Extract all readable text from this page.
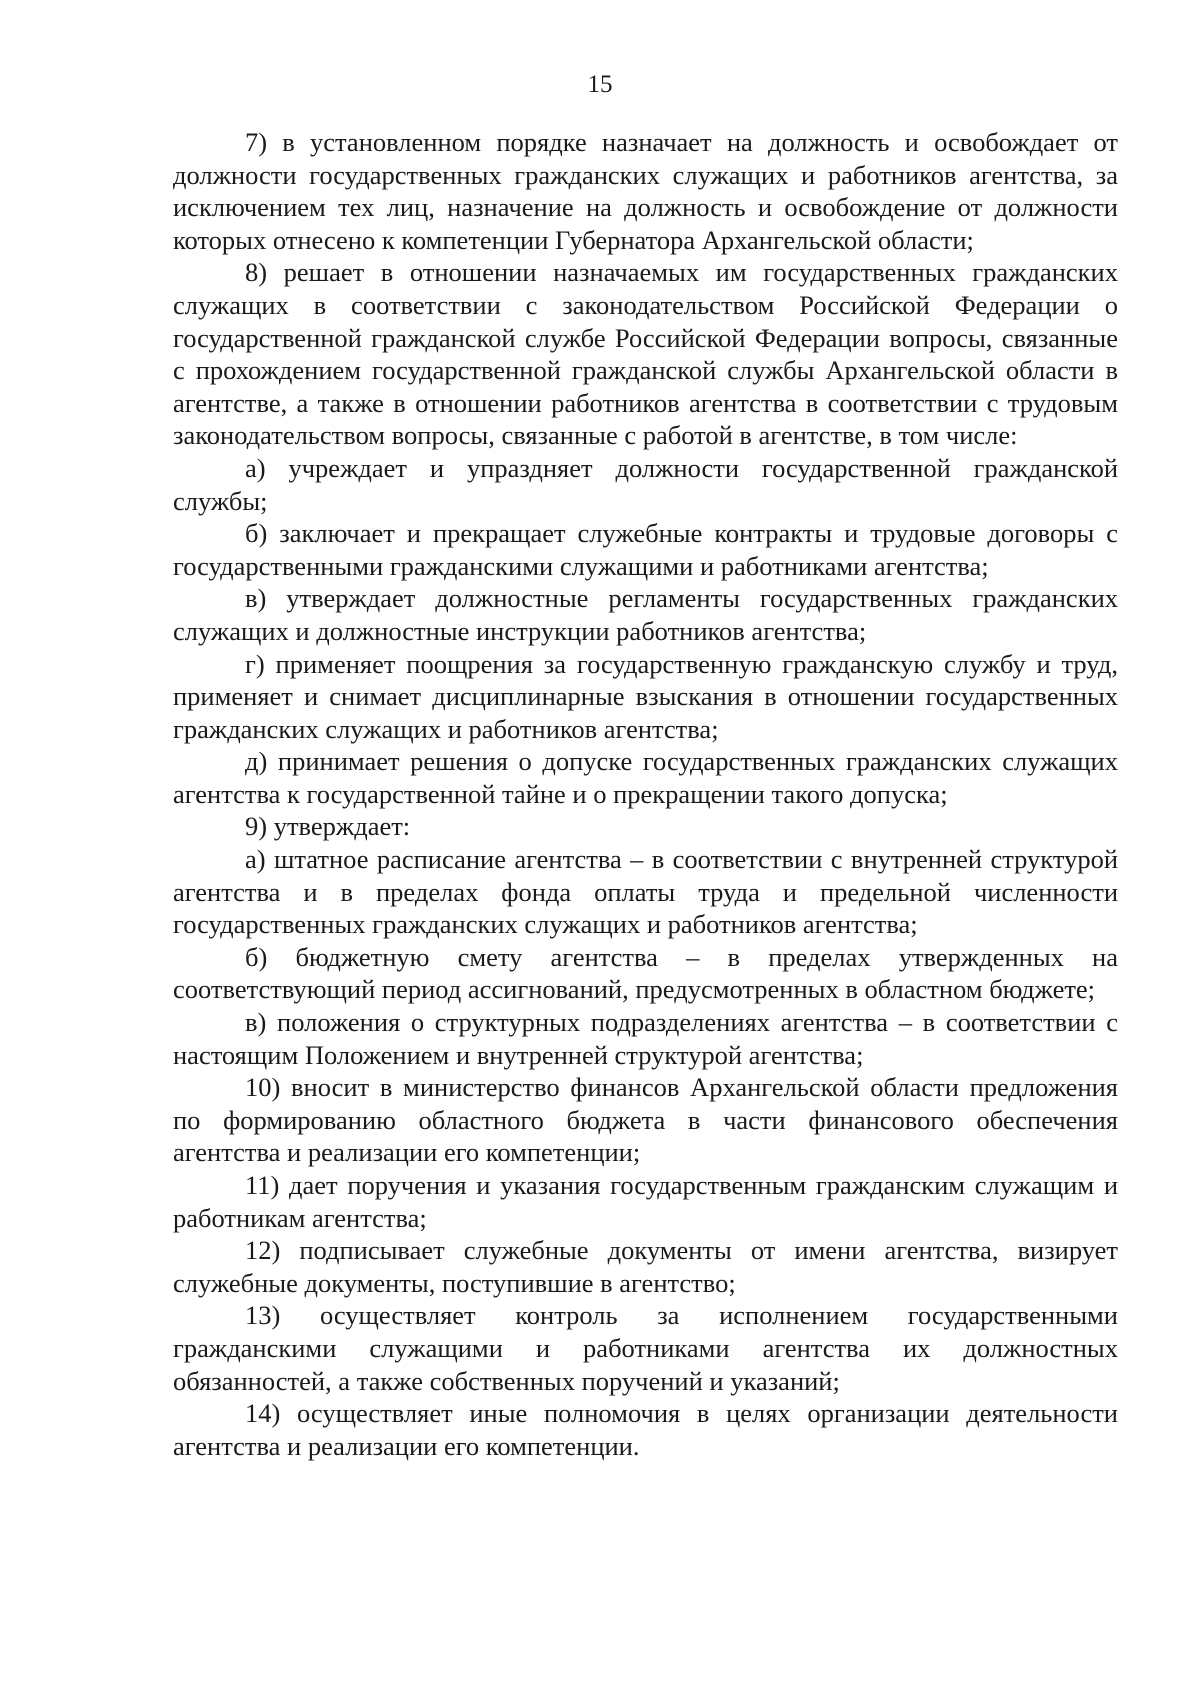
15

7) в установленном порядке назначает на должность и освобождает от должности государственных гражданских служащих и работников агентства, за исключением тех лиц, назначение на должность и освобождение от должности которых отнесено к компетенции Губернатора Архангельской области;

8) решает в отношении назначаемых им государственных гражданских служащих в соответствии с законодательством Российской Федерации о государственной гражданской службе Российской Федерации вопросы, связанные с прохождением государственной гражданской службы Архангельской области в агентстве, а также в отношении работников агентства в соответствии с трудовым законодательством вопросы, связанные с работой в агентстве, в том числе:

а) учреждает и упраздняет должности государственной гражданской службы;

б) заключает и прекращает служебные контракты и трудовые договоры с государственными гражданскими служащими и работниками агентства;

в) утверждает должностные регламенты государственных гражданских служащих и должностные инструкции работников агентства;

г) применяет поощрения за государственную гражданскую службу и труд, применяет и снимает дисциплинарные взыскания в отношении государственных гражданских служащих и работников агентства;

д) принимает решения о допуске государственных гражданских служащих агентства к государственной тайне и о прекращении такого допуска;

9) утверждает:

а) штатное расписание агентства – в соответствии с внутренней структурой агентства и в пределах фонда оплаты труда и предельной численности государственных гражданских служащих и работников агентства;

б) бюджетную смету агентства – в пределах утвержденных на соответствующий период ассигнований, предусмотренных в областном бюджете;

в) положения о структурных подразделениях агентства – в соответствии с настоящим Положением и внутренней структурой агентства;

10) вносит в министерство финансов Архангельской области предложения по формированию областного бюджета в части финансового обеспечения агентства и реализации его компетенции;

11) дает поручения и указания государственным гражданским служащим и работникам агентства;

12) подписывает служебные документы от имени агентства, визирует служебные документы, поступившие в агентство;

13) осуществляет контроль за исполнением государственными гражданскими служащими и работниками агентства их должностных обязанностей, а также собственных поручений и указаний;

14) осуществляет иные полномочия в целях организации деятельности агентства и реализации его компетенции.
